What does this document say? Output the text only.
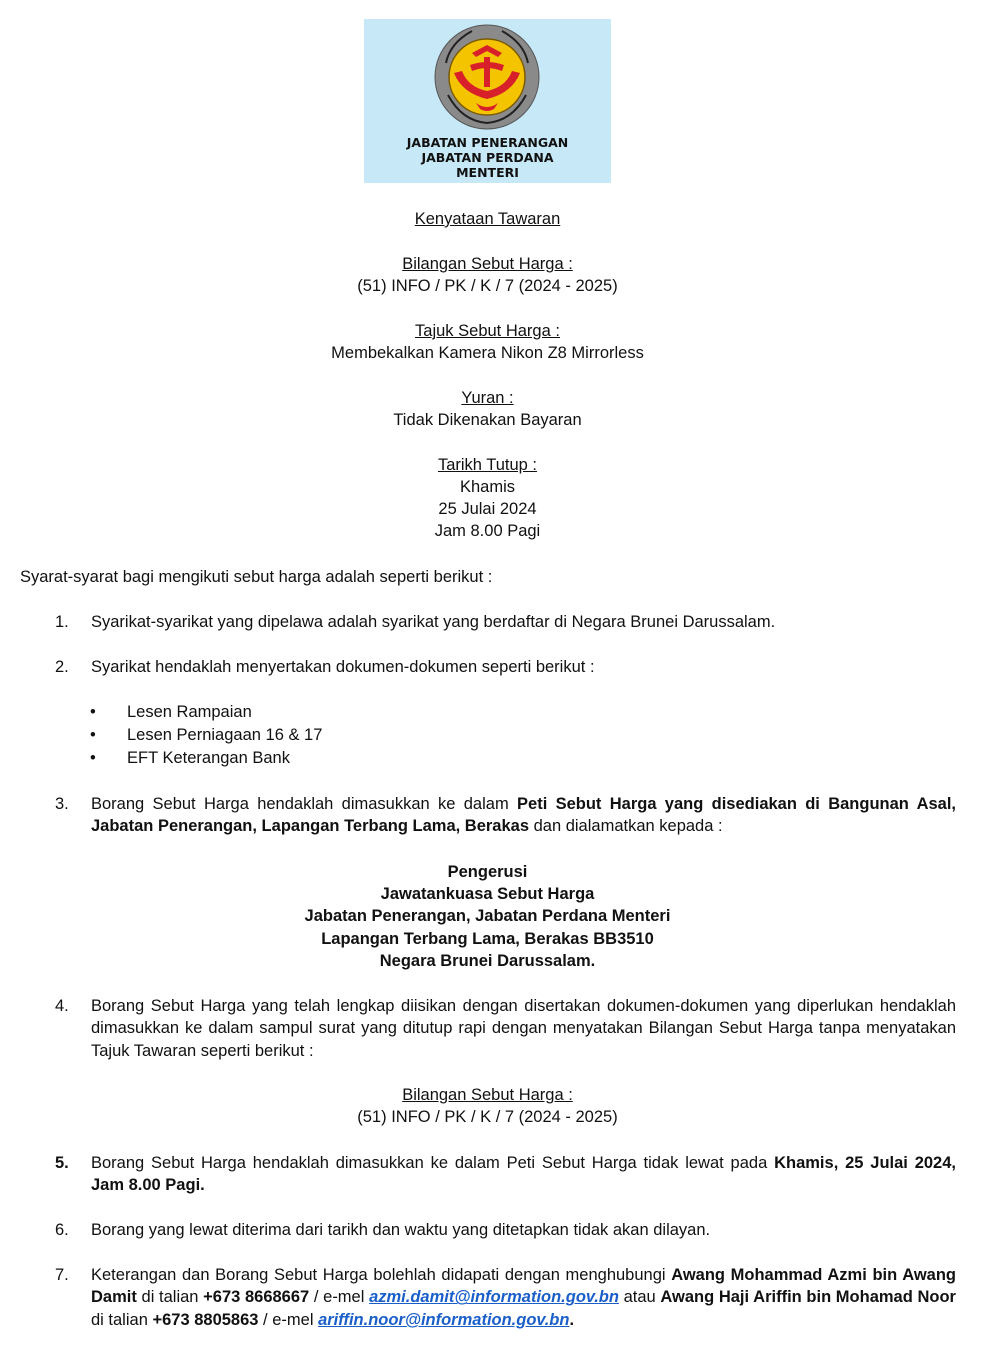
JABATAN PENERANGAN
JABATAN PERDANA
MENTERI
Kenyataan Tawaran
Bilangan Sebut Harga :
(51) INFO / PK / K / 7 (2024 - 2025)
Tajuk Sebut Harga :
Membekalkan Kamera Nikon Z8 Mirrorless
Yuran :
Tidak Dikenakan Bayaran
Tarikh Tutup :
Khamis
25 Julai 2024
Jam 8.00 Pagi
Syarat-syarat bagi mengikuti sebut harga adalah seperti berikut :
1.	Syarikat-syarikat yang dipelawa adalah syarikat yang berdaftar di Negara Brunei Darussalam.
2.	Syarikat hendaklah menyertakan dokumen-dokumen seperti berikut :
• Lesen Rampaian
• Lesen Perniagaan 16 & 17
• EFT Keterangan Bank
3.	Borang Sebut Harga hendaklah dimasukkan ke dalam Peti Sebut Harga yang disediakan di Bangunan Asal, Jabatan Penerangan, Lapangan Terbang Lama, Berakas dan dialamatkan kepada :
Pengerusi
Jawatankuasa Sebut Harga
Jabatan Penerangan, Jabatan Perdana Menteri
Lapangan Terbang Lama, Berakas BB3510
Negara Brunei Darussalam.
4.	Borang Sebut Harga yang telah lengkap diisikan dengan disertakan dokumen-dokumen yang diperlukan hendaklah dimasukkan ke dalam sampul surat yang ditutup rapi dengan menyatakan Bilangan Sebut Harga tanpa menyatakan Tajuk Tawaran seperti berikut :
Bilangan Sebut Harga :
(51) INFO / PK / K / 7 (2024 - 2025)
5.	Borang Sebut Harga hendaklah dimasukkan ke dalam Peti Sebut Harga tidak lewat pada Khamis, 25 Julai 2024, Jam 8.00 Pagi.
6.	Borang yang lewat diterima dari tarikh dan waktu yang ditetapkan tidak akan dilayan.
7.	Keterangan dan Borang Sebut Harga bolehlah didapati dengan menghubungi Awang Mohammad Azmi bin Awang Damit di talian +673 8668667 / e-mel azmi.damit@information.gov.bn atau Awang Haji Ariffin bin Mohamad Noor di talian +673 8805863 / e-mel ariffin.noor@information.gov.bn.
